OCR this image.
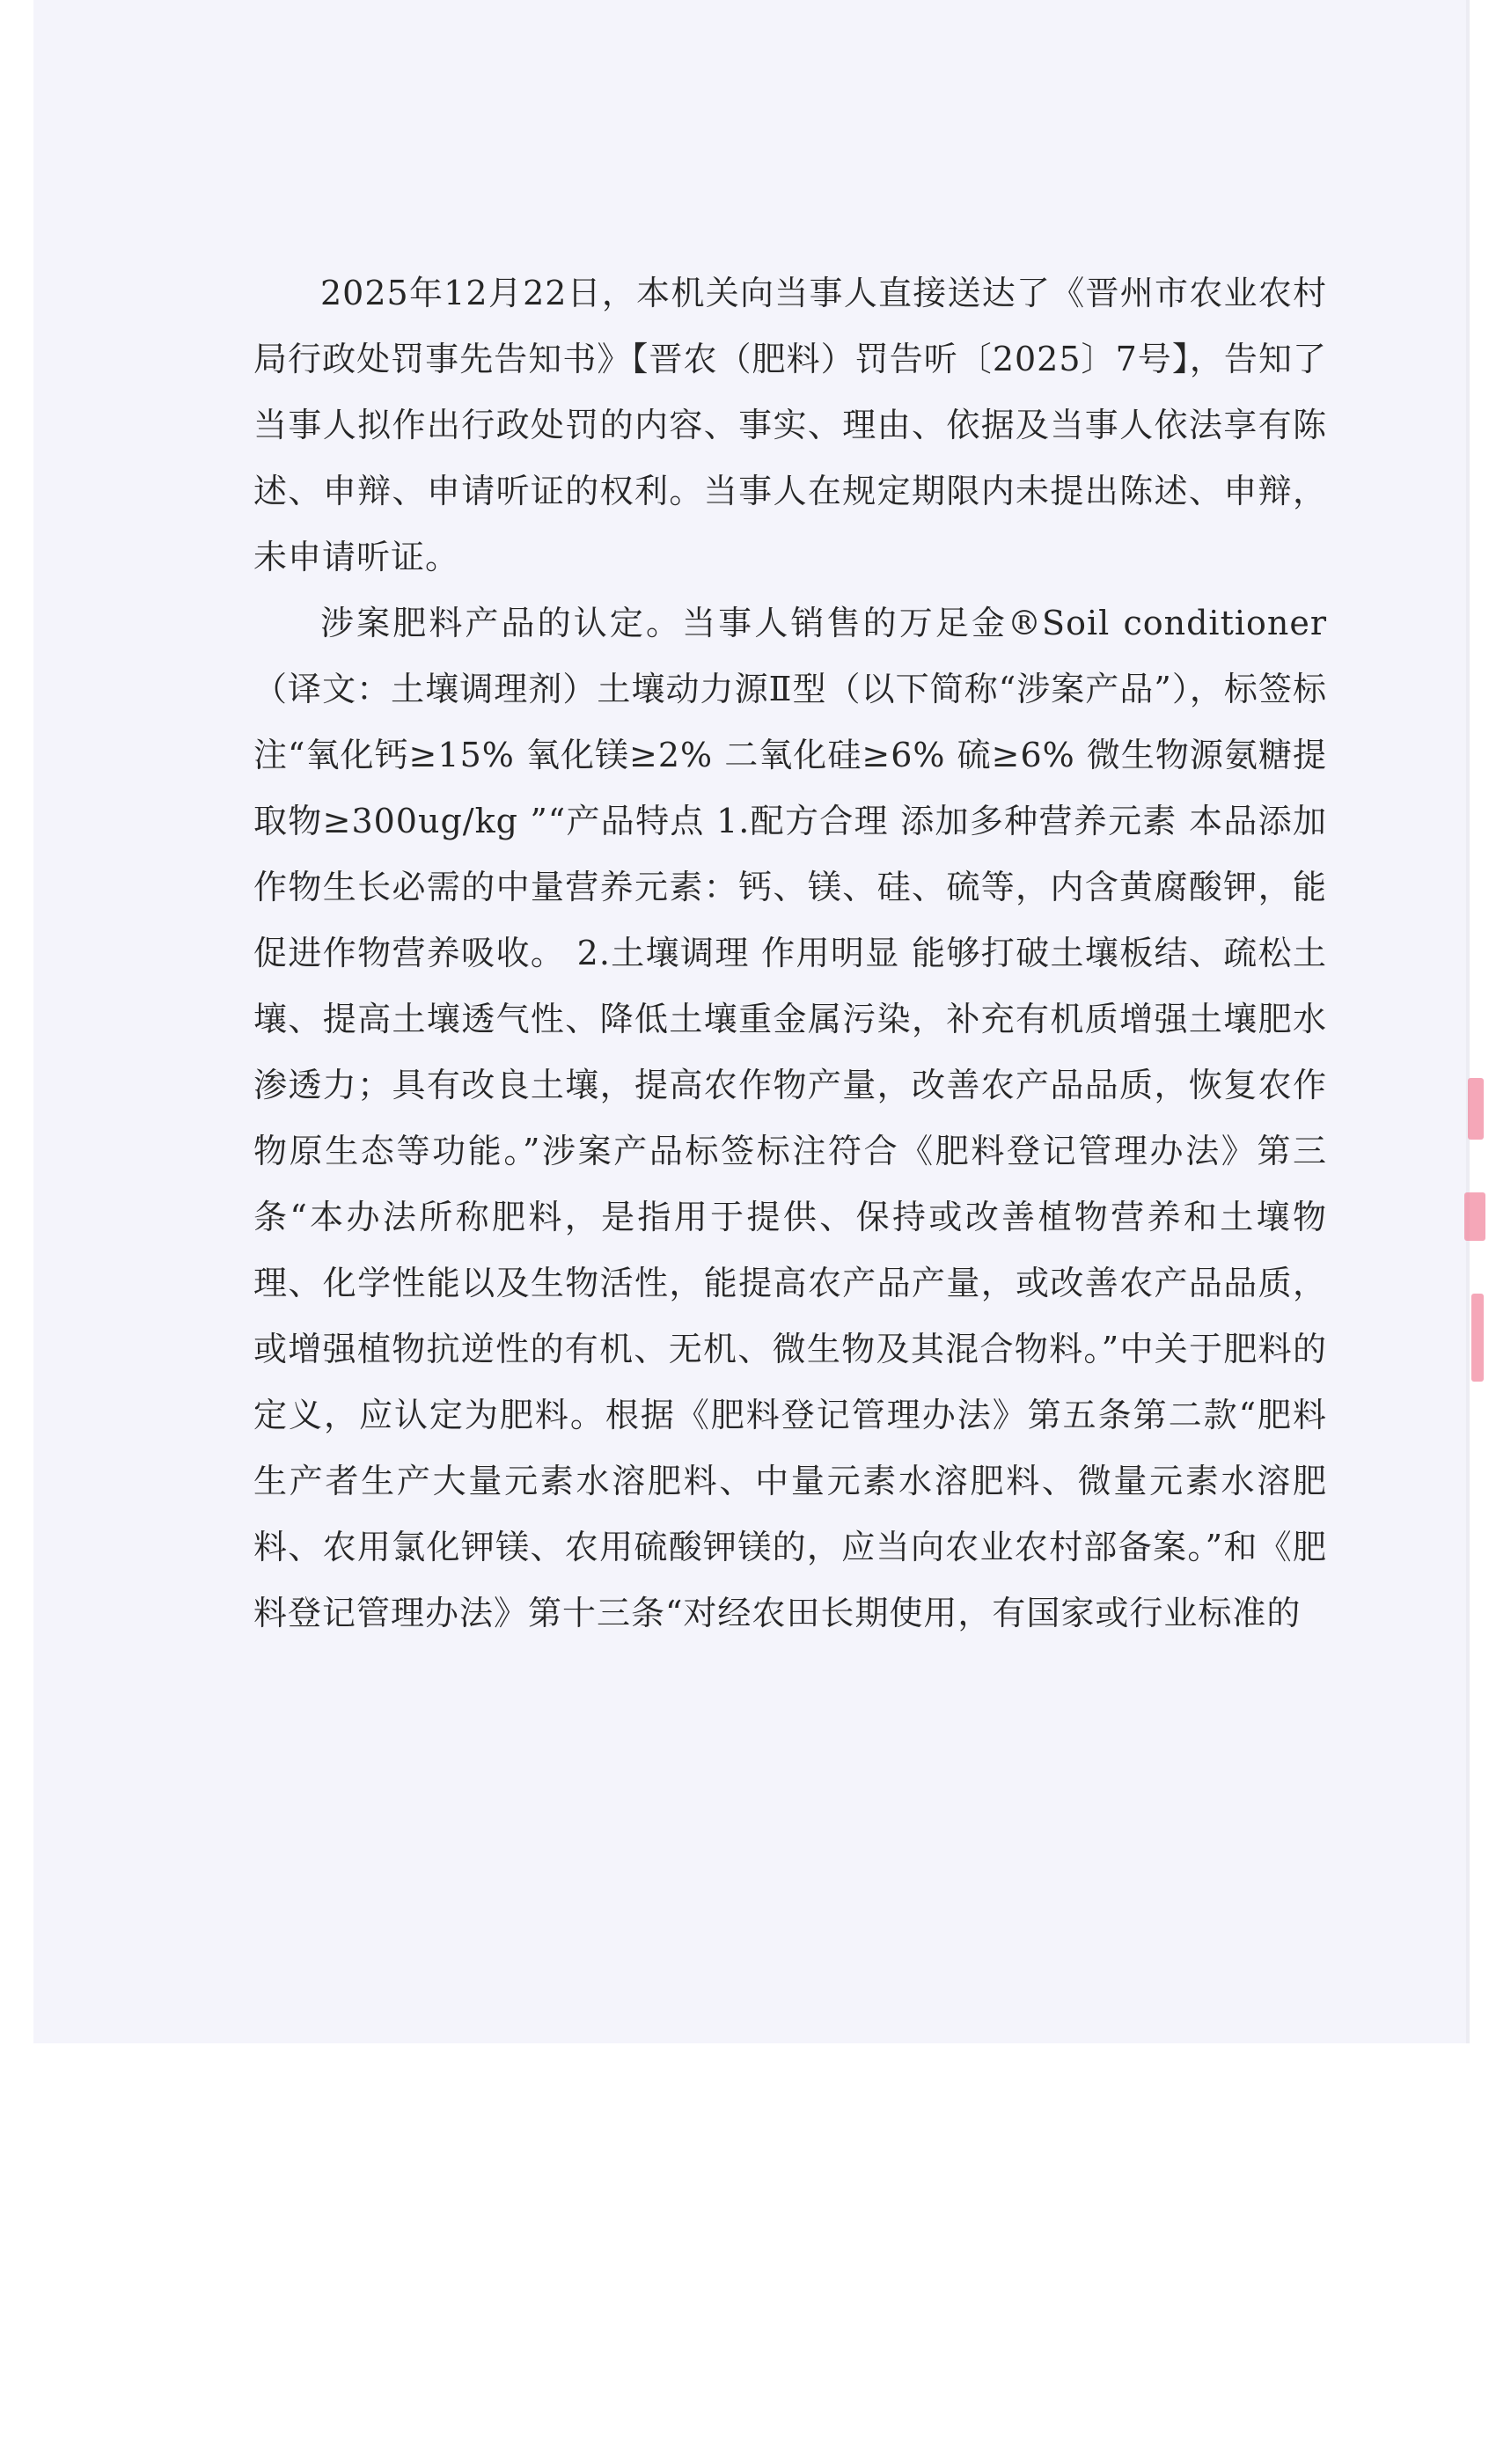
2025年12月22日，本机关向当事人直接送达了《晋州市农业农村局行政处罚事先告知书》【晋农（肥料）罚告听〔2025〕7号】，告知了当事人拟作出行政处罚的内容、事实、理由、依据及当事人依法享有陈述、申辩、申请听证的权利。当事人在规定期限内未提出陈述、申辩，未申请听证。

涉案肥料产品的认定。当事人销售的万足金®Soil conditioner（译文：土壤调理剂）土壤动力源Ⅱ型（以下简称“涉案产品”），标签标注“氧化钙≥15% 氧化镁≥2% 二氧化硅≥6% 硫≥6% 微生物源氨糖提取物≥300ug/kg ”“产品特点 1.配方合理 添加多种营养元素 本品添加作物生长必需的中量营养元素：钙、镁、硅、硫等，内含黄腐酸钾，能促进作物营养吸收。 2.土壤调理 作用明显 能够打破土壤板结、疏松土壤、提高土壤透气性、降低土壤重金属污染，补充有机质增强土壤肥水渗透力；具有改良土壤，提高农作物产量，改善农产品品质，恢复农作物原生态等功能。”涉案产品标签标注符合《肥料登记管理办法》第三条“本办法所称肥料，是指用于提供、保持或改善植物营养和土壤物理、化学性能以及生物活性，能提高农产品产量，或改善农产品品质，或增强植物抗逆性的有机、无机、微生物及其混合物料。”中关于肥料的定义，应认定为肥料。根据《肥料登记管理办法》第五条第二款“肥料生产者生产大量元素水溶肥料、中量元素水溶肥料、微量元素水溶肥料、农用氯化钾镁、农用硫酸钾镁的，应当向农业农村部备案。”和《肥料登记管理办法》第十三条“对经农田长期使用，有国家或行业标准的
